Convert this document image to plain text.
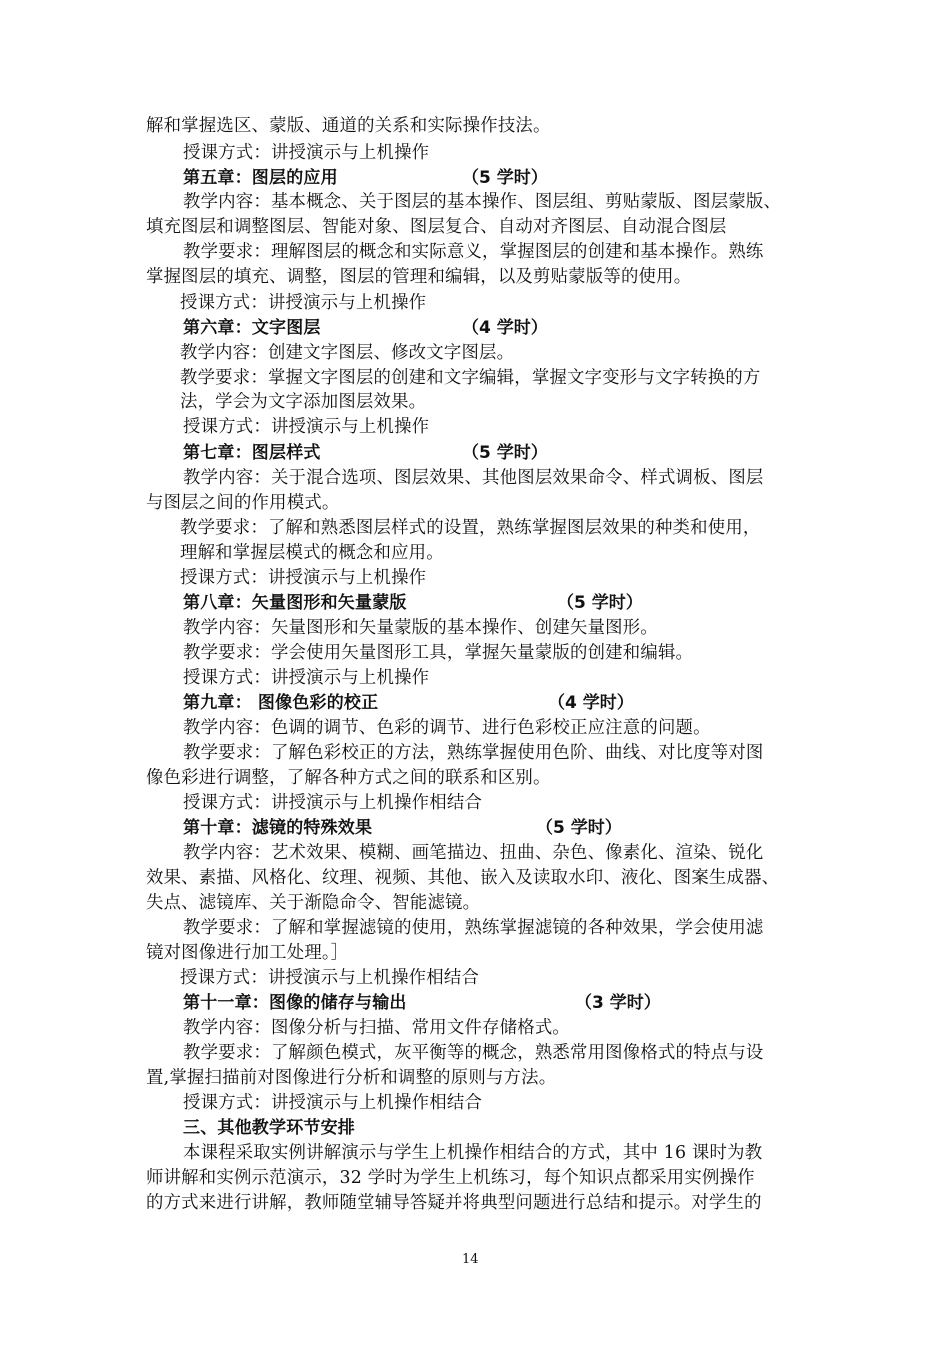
解和掌握选区、蒙版、通道的关系和实际操作技法。
授课方式：讲授演示与上机操作
第五章：图层的应用	（5 学时）
教学内容：基本概念、关于图层的基本操作、图层组、剪贴蒙版、图层蒙版、
填充图层和调整图层、智能对象、图层复合、自动对齐图层、自动混合图层
教学要求：理解图层的概念和实际意义，掌握图层的创建和基本操作。熟练
掌握图层的填充、调整，图层的管理和编辑，以及剪贴蒙版等的使用。
授课方式：讲授演示与上机操作
第六章：文字图层	（4 学时）
教学内容：创建文字图层、修改文字图层。
教学要求：掌握文字图层的创建和文字编辑，掌握文字变形与文字转换的方
法，学会为文字添加图层效果。
授课方式：讲授演示与上机操作
第七章：图层样式	（5 学时）
教学内容：关于混合选项、图层效果、其他图层效果命令、样式调板、图层
与图层之间的作用模式。
教学要求：了解和熟悉图层样式的设置，熟练掌握图层效果的种类和使用，
理解和掌握层模式的概念和应用。
授课方式：讲授演示与上机操作
第八章：矢量图形和矢量蒙版	（5 学时）
教学内容：矢量图形和矢量蒙版的基本操作、创建矢量图形。
教学要求：学会使用矢量图形工具，掌握矢量蒙版的创建和编辑。
授课方式：讲授演示与上机操作
第九章： 图像色彩的校正	（4 学时）
教学内容：色调的调节、色彩的调节、进行色彩校正应注意的问题。
教学要求：了解色彩校正的方法，熟练掌握使用色阶、曲线、对比度等对图
像色彩进行调整，了解各种方式之间的联系和区别。
授课方式：讲授演示与上机操作相结合
第十章：滤镜的特殊效果	（5 学时）
教学内容：艺术效果、模糊、画笔描边、扭曲、杂色、像素化、渲染、锐化
效果、素描、风格化、纹理、视频、其他、嵌入及读取水印、液化、图案生成器、
失点、滤镜库、关于渐隐命令、智能滤镜。
教学要求：了解和掌握滤镜的使用，熟练掌握滤镜的各种效果，学会使用滤
镜对图像进行加工处理。］
授课方式：讲授演示与上机操作相结合
第十一章：图像的储存与输出	（3 学时）
教学内容：图像分析与扫描、常用文件存储格式。
教学要求：了解颜色模式，灰平衡等的概念，熟悉常用图像格式的特点与设
置,掌握扫描前对图像进行分析和调整的原则与方法。
授课方式：讲授演示与上机操作相结合
三、其他教学环节安排
本课程采取实例讲解演示与学生上机操作相结合的方式，其中 16 课时为教
师讲解和实例示范演示，32 学时为学生上机练习，每个知识点都采用实例操作
的方式来进行讲解，教师随堂辅导答疑并将典型问题进行总结和提示。对学生的
14
